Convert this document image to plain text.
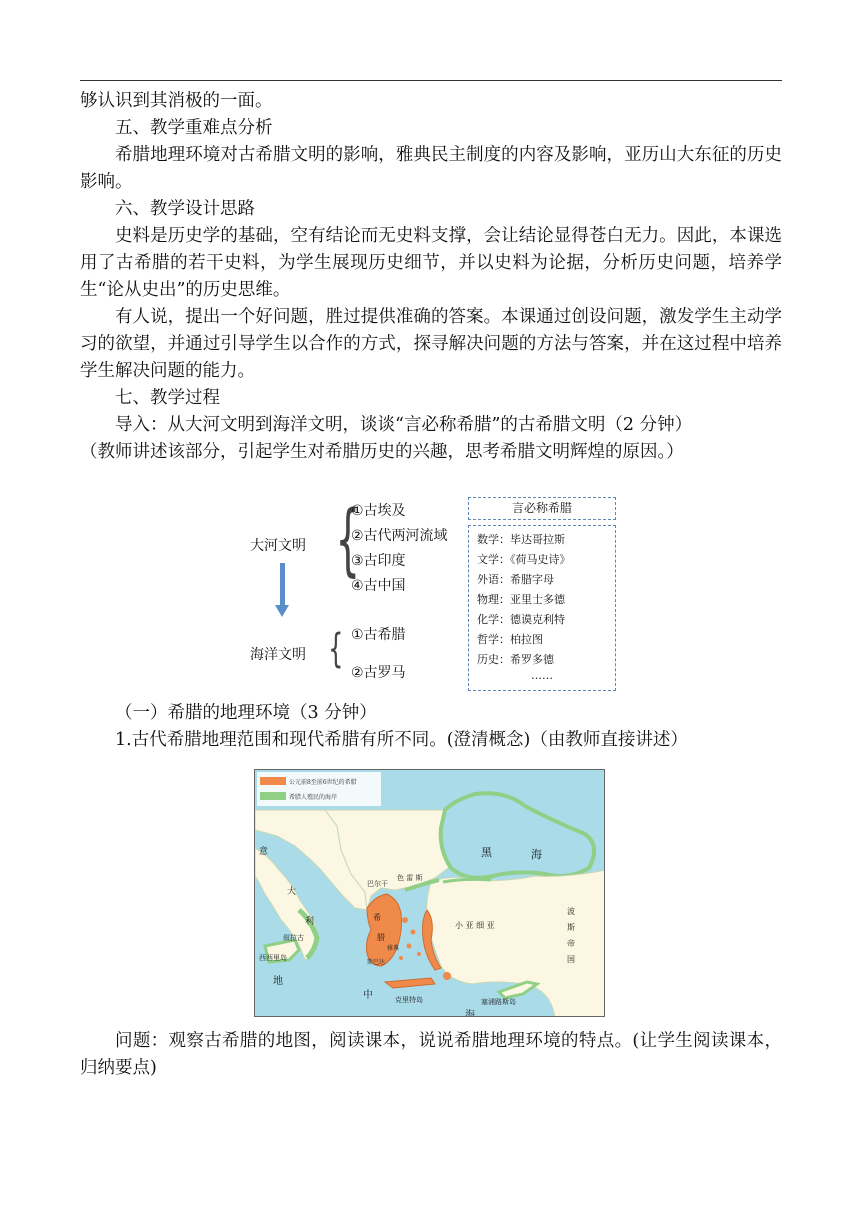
够认识到其消极的一面。

五、教学重难点分析

希腊地理环境对古希腊文明的影响，雅典民主制度的内容及影响，亚历山大东征的历史影响。

六、教学设计思路

史料是历史学的基础，空有结论而无史料支撑，会让结论显得苍白无力。因此，本课选用了古希腊的若干史料，为学生展现历史细节，并以史料为论据，分析历史问题，培养学生“论从史出”的历史思维。

有人说，提出一个好问题，胜过提供准确的答案。本课通过创设问题，激发学生主动学习的欲望，并通过引导学生以合作的方式，探寻解决问题的方法与答案，并在这过程中培养学生解决问题的能力。

七、教学过程

导入：从大河文明到海洋文明，谈谈“言必称希腊”的古希腊文明（2 分钟）

（教师讲述该部分，引起学生对希腊历史的兴趣，思考希腊文明辉煌的原因。）

大河文明 {
①古埃及
②古代两河流域
③古印度
④古中国
海洋文明 { ①古希腊
②古罗马
言必称希腊
数学：毕达哥拉斯
文学：《荷马史诗》
外语：希腊字母
物理：亚里士多德
化学：德谟克利特
哲学：柏拉图
历史：希罗多德
……

（一）希腊的地理环境（3 分钟）

1.古代希腊地理范围和现代希腊有所不同。(澄清概念)（由教师直接讲述）

意
大
利
叙拉古
西西里岛
地
中
海
黑	海
小 亚 细 亚
波
斯
帝
国
巴尔干
色 雷 斯
克里特岛	塞浦路斯岛
希
腊
雅典
斯巴达
公元前8至前6世纪的希腊
希腊人殖民的海岸

问题：观察古希腊的地图，阅读课本，说说希腊地理环境的特点。(让学生阅读课本，归纳要点)
